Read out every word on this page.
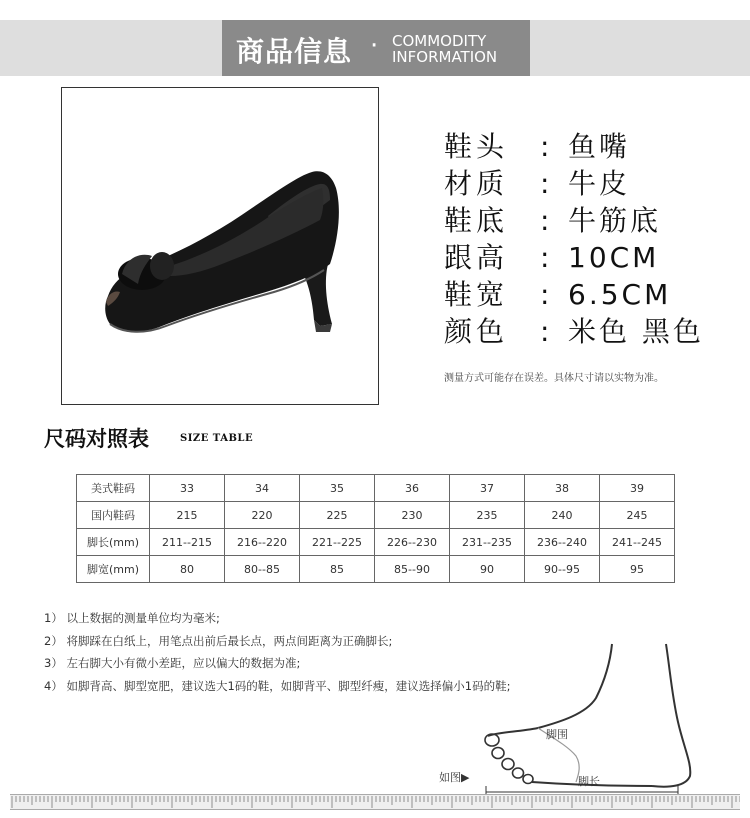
商品信息 · COMMODITY
INFORMATION
鞋头 : 鱼嘴
材质 : 牛皮
鞋底 : 牛筋底
跟高 : 10CM
鞋宽 : 6.5CM
颜色 : 米色 黑色
测量方式可能存在误差。具体尺寸请以实物为准。
尺码对照表	SIZE TABLE
美式鞋码	33	34	35	36	37	38	39
国内鞋码	215	220	225	230	235	240	245
脚长(mm)	211--215	216--220	221--225	226--230	231--235	236--240	241--245
脚宽(mm)	80	80--85	85	85--90	90	90--95	95
1） 以上数据的测量单位均为毫米;
2） 将脚踩在白纸上，用笔点出前后最长点，两点间距离为正确脚长;
3） 左右脚大小有微小差距，应以偏大的数据为准;
4） 如脚背高、脚型宽肥，建议选大1码的鞋，如脚背平、脚型纤瘦，建议选择偏小1码的鞋;
脚围
脚长
如图▶
